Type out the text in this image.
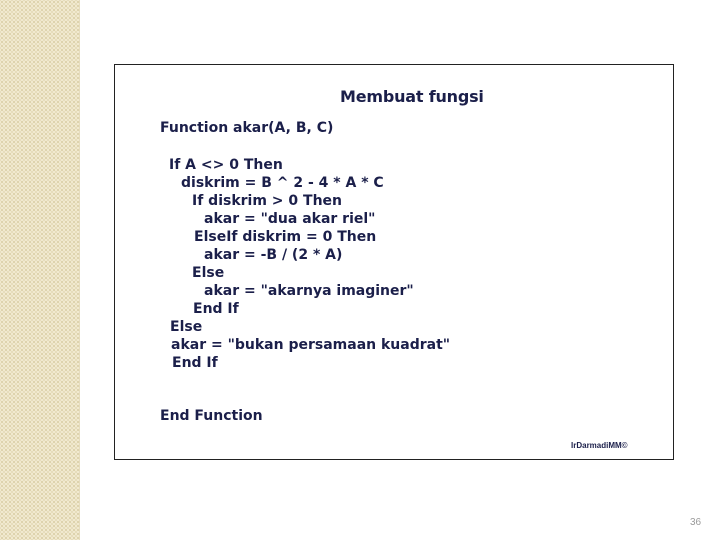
Membuat fungsi
Function akar(A, B, C)
If A <> 0 Then
diskrim = B ^ 2 - 4 * A * C
If diskrim > 0 Then
akar = "dua akar riel"
ElseIf diskrim = 0 Then
akar = -B / (2 * A)
Else
akar = "akarnya imaginer"
End If
Else
akar = "bukan persamaan kuadrat"
End If
End Function
IrDarmadiMM©
36
